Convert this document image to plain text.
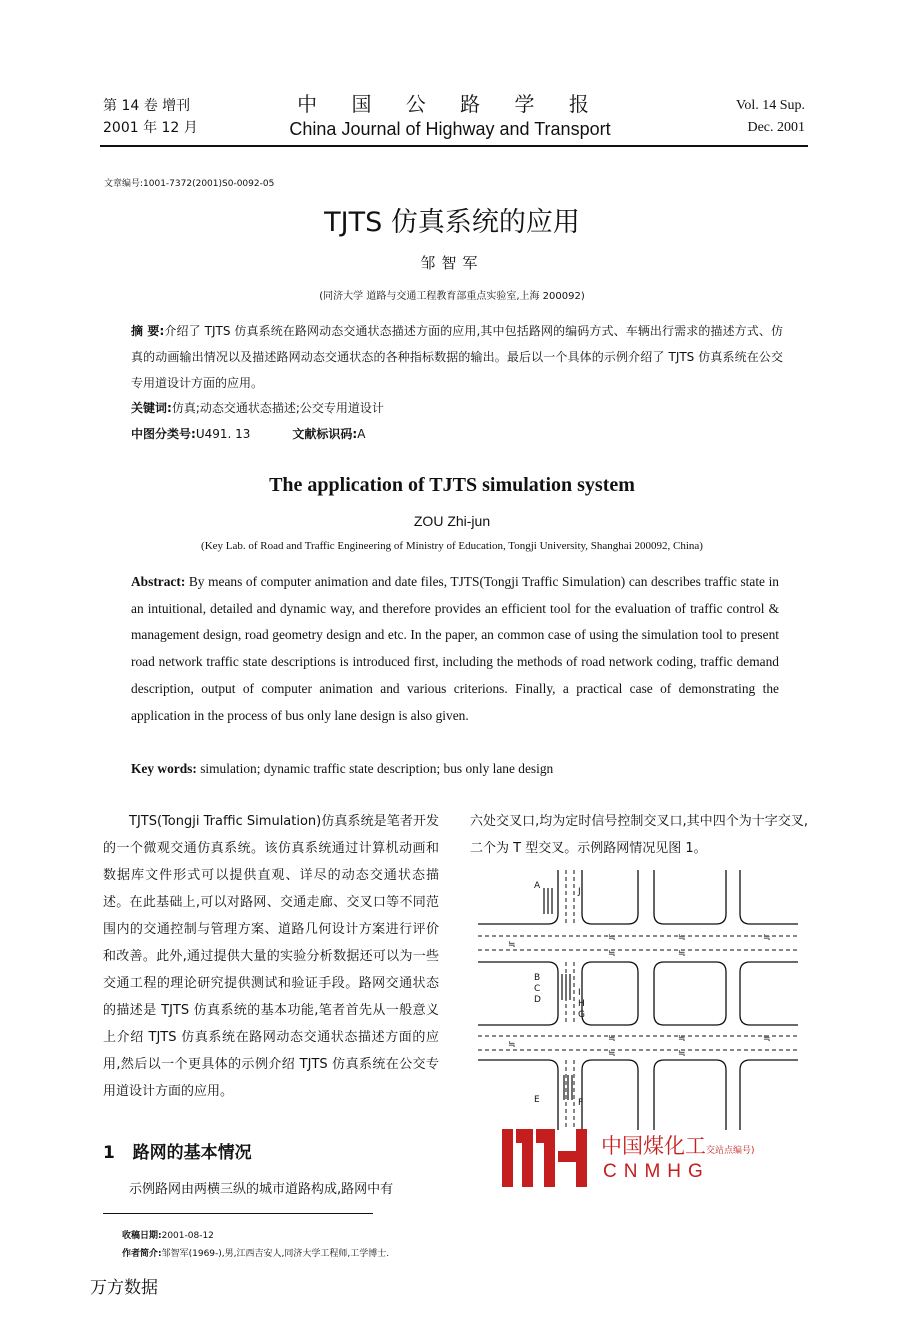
第 14 卷 增刊
2001 年 12 月
中 国 公 路 学 报
China Journal of Highway and Transport
Vol. 14 Sup.
Dec. 2001
文章编号:1001-7372(2001)S0-0092-05
TJTS 仿真系统的应用
邹智军
(同济大学 道路与交通工程教育部重点实验室,上海 200092)
摘 要:介绍了 TJTS 仿真系统在路网动态交通状态描述方面的应用,其中包括路网的编码方式、车辆出行需求的描述方式、仿真的动画输出情况以及描述路网动态交通状态的各种指标数据的输出。最后以一个具体的示例介绍了 TJTS 仿真系统在公交专用道设计方面的应用。
关键词:仿真;动态交通状态描述;公交专用道设计
中图分类号:U491. 13	文献标识码:A
The application of TJTS simulation system
ZOU Zhi-jun
(Key Lab. of Road and Traffic Engineering of Ministry of Education, Tongji University, Shanghai 200092, China)
Abstract: By means of computer animation and date files, TJTS(Tongji Traffic Simulation) can describes traffic state in an intuitional, detailed and dynamic way, and therefore provides an efficient tool for the evaluation of traffic control & management design, road geometry design and etc. In the paper, an common case of using the simulation tool to present road network traffic state descriptions is introduced first, including the methods of road network coding, traffic demand description, output of computer animation and various criterions. Finally, a practical case of demonstrating the application in the process of bus only lane design is also given.
Key words: simulation; dynamic traffic state description; bus only lane design

TJTS(Tongji Traffic Simulation)仿真系统是笔者开发的一个微观交通仿真系统。该仿真系统通过计算机动画和数据库文件形式可以提供直观、详尽的动态交通状态描述。在此基础上,可以对路网、交通走廊、交叉口等不同范围内的交通控制与管理方案、道路几何设计方案进行评价和改善。此外,通过提供大量的实验分析数据还可以为一些交通工程的理论研究提供测试和验证手段。路网交通状态的描述是 TJTS 仿真系统的基本功能,笔者首先从一般意义上介绍 TJTS 仿真系统在路网动态交通状态描述方面的应用,然后以一个更具体的示例介绍 TJTS 仿真系统在公交专用道设计方面的应用。

1 路网的基本情况
示例路网由两横三纵的城市道路构成,路网中有
六处交叉口,均为定时信号控制交叉口,其中四个为十字交叉,二个为 T 型交叉。示例路网情况见图 1。
≒
≒	≒	≒
≒	≒
≒
≒	≒	≒
≒	≒
A
J
B
C
D
I
H
G
E	F
中国煤化工交站点编号)
CNMHG
收稿日期:2001-08-12
作者简介:邹智军(1969-),男,江西吉安人,同济大学工程师,工学博士.
万方数据
